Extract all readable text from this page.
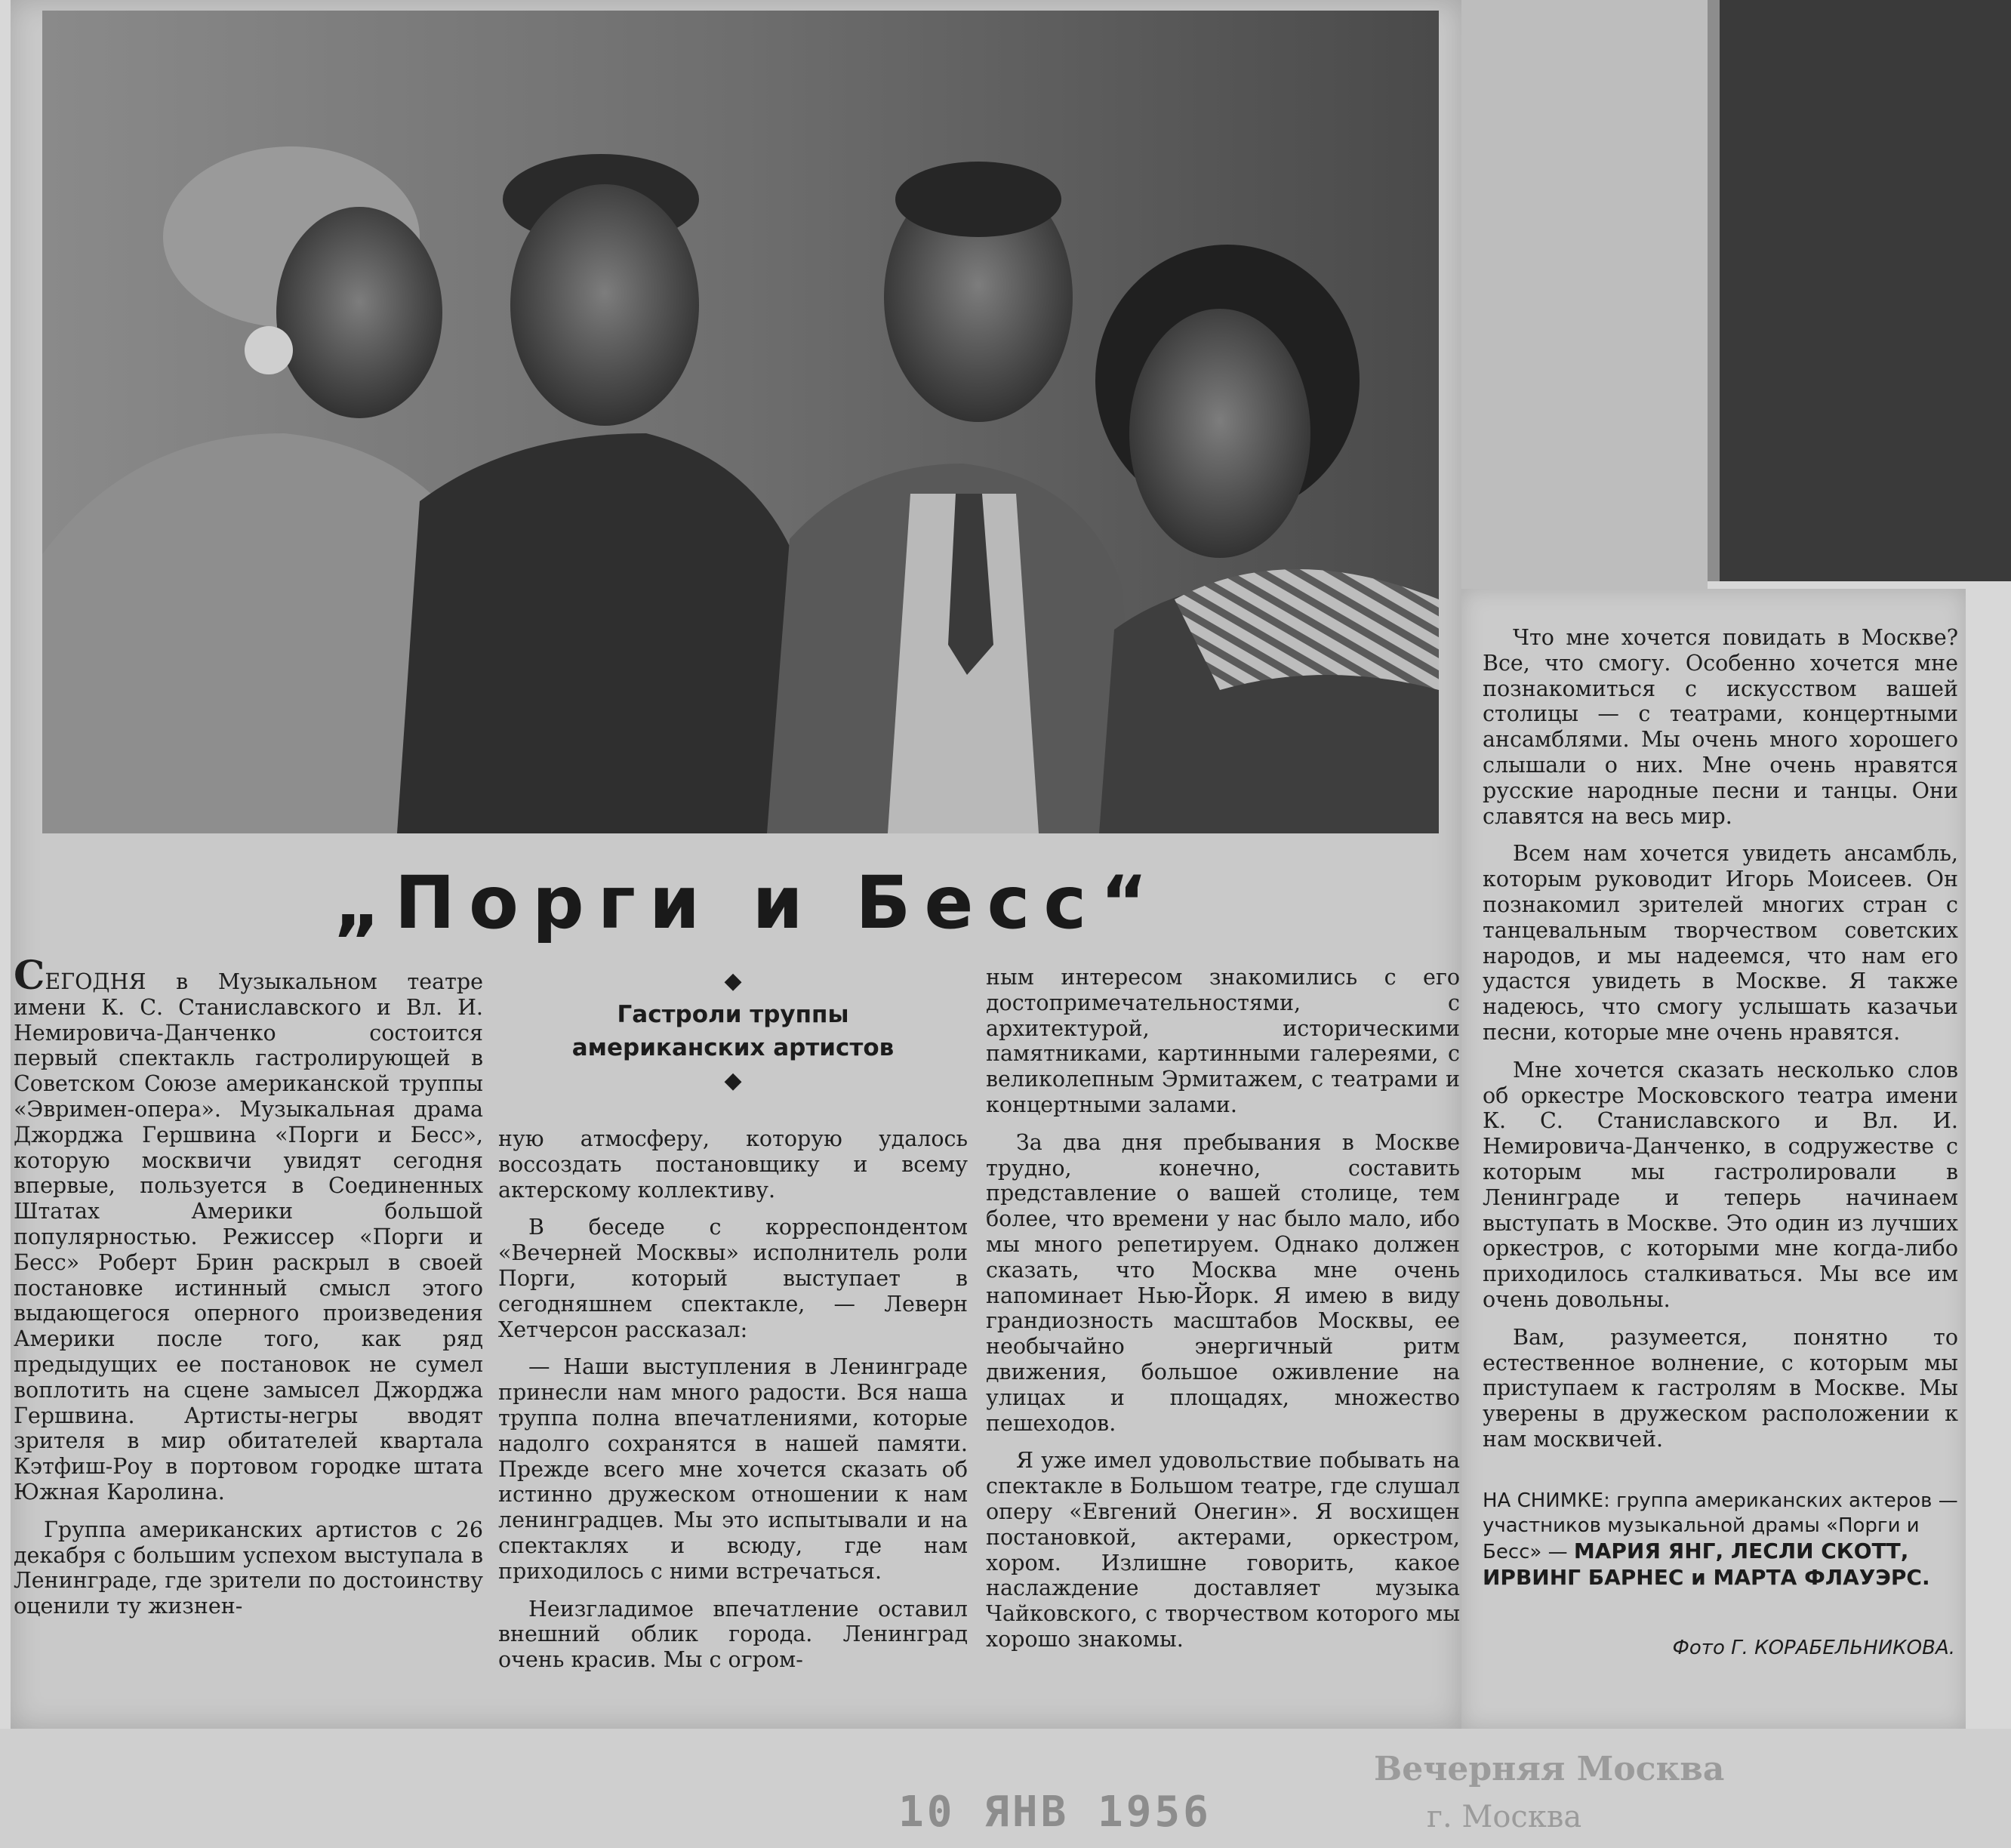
„Порги и Бесс“
◆
Гастроли труппы
американских артистов
◆

СЕГОДНЯ в Музыкальном театре имени К. С. Станиславского и Вл. И. Немировича-Данченко состоится первый спектакль гастролирующей в Советском Союзе американской труппы «Эвримен-опера». Музыкальная драма Джорджа Гершвина «Порги и Бесс», которую москвичи увидят сегодня впервые, пользуется в Соединенных Штатах Америки большой популярностью. Режиссер «Порги и Бесс» Роберт Брин раскрыл в своей постановке истинный смысл этого выдающегося оперного произведения Америки после того, как ряд предыдущих ее постановок не сумел воплотить на сцене замысел Джорджа Гершвина. Артисты-негры вводят зрителя в мир обитателей квартала Кэтфиш-Роу в портовом городке штата Южная Каролина.

Группа американских артистов с 26 декабря с большим успехом выступала в Ленинграде, где зрители по достоинству оценили ту жизнен-

ную атмосферу, которую удалось воссоздать постановщику и всему актерскому коллективу.

В беседе с корреспондентом «Вечерней Москвы» исполнитель роли Порги, который выступает в сегодняшнем спектакле, — Леверн Хетчерсон рассказал:

— Наши выступления в Ленинграде принесли нам много радости. Вся наша труппа полна впечатлениями, которые надолго сохранятся в нашей памяти. Прежде всего мне хочется сказать об истинно дружеском отношении к нам ленинградцев. Мы это испытывали и на спектаклях и всюду, где нам приходилось с ними встречаться.

Неизгладимое впечатление оставил внешний облик города. Ленинград очень красив. Мы с огром-

ным интересом знакомились с его достопримечательностями, с архитектурой, историческими памятниками, картинными галереями, с великолепным Эрмитажем, с театрами и концертными залами.

За два дня пребывания в Москве трудно, конечно, составить представление о вашей столице, тем более, что времени у нас было мало, ибо мы много репетируем. Однако должен сказать, что Москва мне очень напоминает Нью-Йорк. Я имею в виду грандиозность масштабов Москвы, ее необычайно энергичный ритм движения, большое оживление на улицах и площадях, множество пешеходов.

Я уже имел удовольствие побывать на спектакле в Большом театре, где слушал оперу «Евгений Онегин». Я восхищен постановкой, актерами, оркестром, хором. Излишне говорить, какое наслаждение доставляет музыка Чайковского, с творчеством которого мы хорошо знакомы.

Что мне хочется повидать в Москве? Все, что смогу. Особенно хочется мне познакомиться с искусством вашей столицы — с театрами, концертными ансамблями. Мы очень много хорошего слышали о них. Мне очень нравятся русские народные песни и танцы. Они славятся на весь мир.

Всем нам хочется увидеть ансамбль, которым руководит Игорь Моисеев. Он познакомил зрителей многих стран с танцевальным творчеством советских народов, и мы надеемся, что нам его удастся увидеть в Москве. Я также надеюсь, что смогу услышать казачьи песни, которые мне очень нравятся.

Мне хочется сказать несколько слов об оркестре Московского театра имени К. С. Станиславского и Вл. И. Немировича-Данченко, в содружестве с которым мы гастролировали в Ленинграде и теперь начинаем выступать в Москве. Это один из лучших оркестров, с которыми мне когда-либо приходилось сталкиваться. Мы все им очень довольны.

Вам, разумеется, понятно то естественное волнение, с которым мы приступаем к гастролям в Москве. Мы уверены в дружеском расположении к нам москвичей.

НА СНИМКЕ: группа американских актеров — участников музыкальной драмы «Порги и Бесс» — МАРИЯ ЯНГ, ЛЕСЛИ СКОТТ, ИРВИНГ БАРНЕС и МАРТА ФЛАУЭРС.
Фото Г. КОРАБЕЛЬНИКОВА.
10 ЯНВ 1956
Вечерняя Москва
г. Москва
